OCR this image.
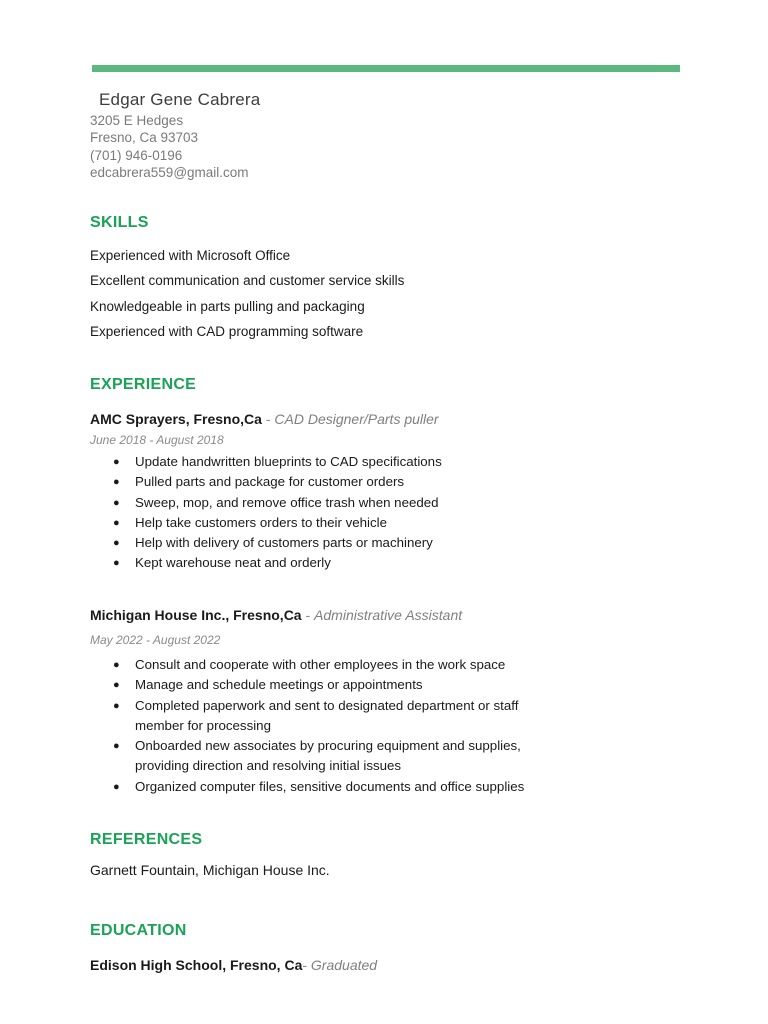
Edgar Gene Cabrera
3205 E Hedges
Fresno, Ca 93703
(701) 946-0196
edcabrera559@gmail.com
SKILLS
Experienced with Microsoft Office
Excellent communication and customer service skills
Knowledgeable in parts pulling and packaging
Experienced with CAD programming software
EXPERIENCE
AMC Sprayers, Fresno,Ca - CAD Designer/Parts puller
June 2018 - August 2018
● Update handwritten blueprints to CAD specifications
● Pulled parts and package for customer orders
● Sweep, mop, and remove office trash when needed
● Help take customers orders to their vehicle
● Help with delivery of customers parts or machinery
● Kept warehouse neat and orderly
Michigan House Inc., Fresno,Ca - Administrative Assistant
May 2022 - August 2022
● Consult and cooperate with other employees in the work space
● Manage and schedule meetings or appointments
● Completed paperwork and sent to designated department or staff member for processing
● Onboarded new associates by procuring equipment and supplies, providing direction and resolving initial issues
● Organized computer files, sensitive documents and office supplies
REFERENCES
Garnett Fountain, Michigan House Inc.
EDUCATION
Edison High School, Fresno, Ca- Graduated
